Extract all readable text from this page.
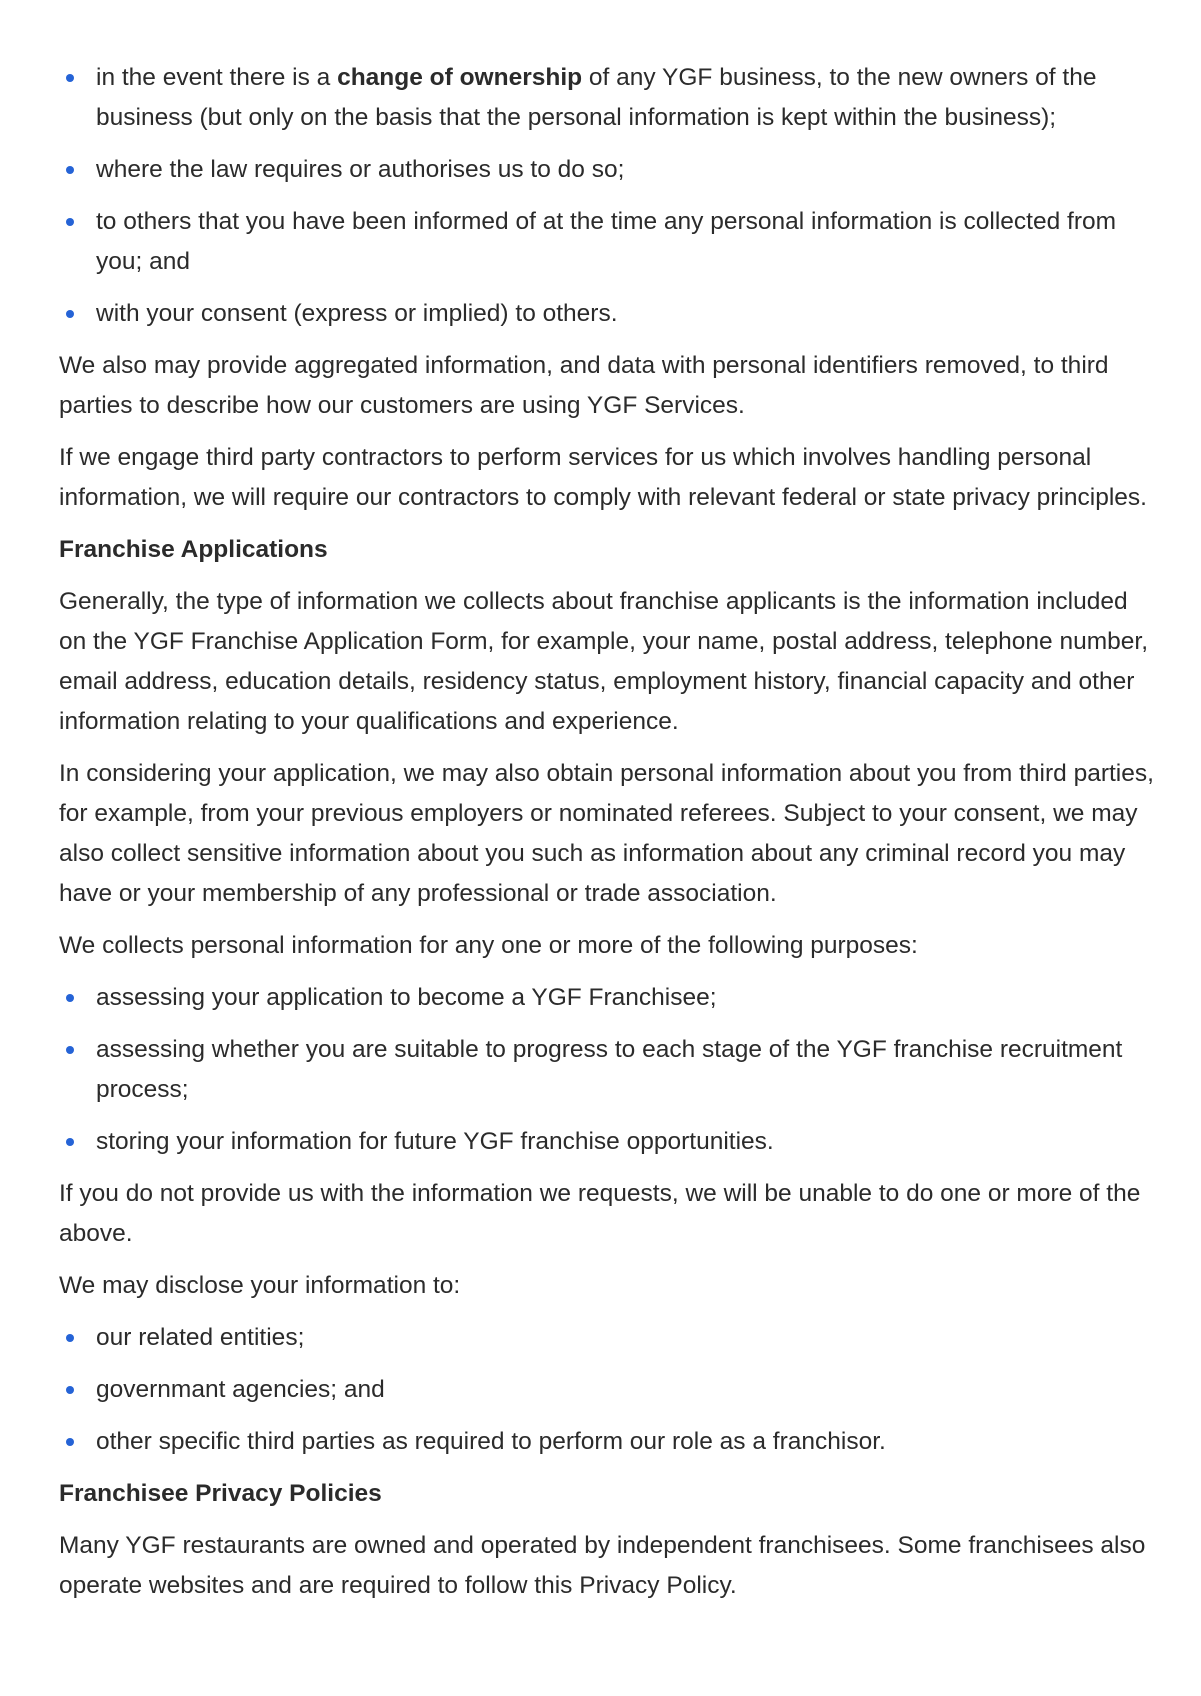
in the event there is a change of ownership of any YGF business, to the new owners of the business (but only on the basis that the personal information is kept within the business);
where the law requires or authorises us to do so;
to others that you have been informed of at the time any personal information is collected from you; and
with your consent (express or implied) to others.

We also may provide aggregated information, and data with personal identifiers removed, to third parties to describe how our customers are using YGF Services.

If we engage third party contractors to perform services for us which involves handling personal information, we will require our contractors to comply with relevant federal or state privacy principles.

Franchise Applications

Generally, the type of information we collects about franchise applicants is the information included on the YGF Franchise Application Form, for example, your name, postal address, telephone number, email address, education details, residency status, employment history, financial capacity and other information relating to your qualifications and experience.

In considering your application, we may also obtain personal information about you from third parties, for example, from your previous employers or nominated referees. Subject to your consent, we may also collect sensitive information about you such as information about any criminal record you may have or your membership of any professional or trade association.

We collects personal information for any one or more of the following purposes:

assessing your application to become a YGF Franchisee;
assessing whether you are suitable to progress to each stage of the YGF franchise recruitment process;
storing your information for future YGF franchise opportunities.

If you do not provide us with the information we requests, we will be unable to do one or more of the above.

We may disclose your information to:

our related entities;
governmant agencies; and
other specific third parties as required to perform our role as a franchisor.
Franchisee Privacy Policies

Many YGF restaurants are owned and operated by independent franchisees. Some franchisees also operate websites and are required to follow this Privacy Policy.
